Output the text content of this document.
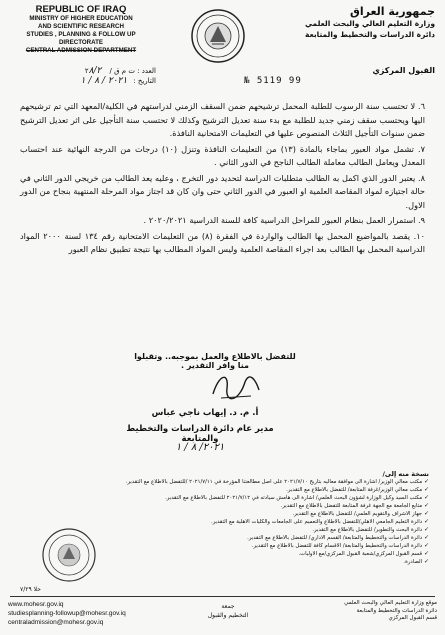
REPUBLIC OF IRAQ
MINISTRY OF HIGHER EDUCATION
AND SCIENTIFIC RESEARCH
STUDIES , PLANNING & FOLLOW UP DIRECTORATE
CENTRAL ADMISSION DEPARTMENT
جمهورية العراق
وزارة التعليم العالي والبحث العلمي
دائرة الدراسات والتخطيط والمتابعة
العدد : ت م ق / ٢٨/٢
التاريخ :٢٠٢١ / ٨ / ١
القبول المركزي
№ 5119 99

٦. لا تحتسب سنة الرسوب للطلبة المحمل ترشيحهم ضمن السقف الزمني لدراستهم في الكلية/المعهد التي تم ترشيحهم اليها ويحتسب سقف زمني جديد للطلبة مع بدء سنة تعديل الترشيح وكذلك لا تحتسب سنة التأجيل على اثر تعديل الترشيح ضمن سنوات التأجيل الثلاث المنصوص عليها في التعليمات الامتحانية النافذة.

٧. تشمل مواد العبور بماجاء بالمادة (١٣) من التعليمات النافذة وتنزل (١٠) درجات من الدرجة النهائية عند احتساب المعدل ويعامل الطالب معاملة الطالب الناجح في الدور الثاني .

٨. يعتبر الدور الذي اكمل به الطالب متطلبات الدراسة لتحديد دور التخرج ، وعليه يعد الطالب من خريجي الدور الثاني في حالة اجتيازه لمواد المقاصة العلمية او العبور في الدور الثاني حتى وان كان قد اجتاز مواد المرحلة المنتهية بنجاح من الدور الاول.

٩. استمرار العمل بنظام العبور للمراحل الدراسية كافة للسنة الدراسية ٢٠٢٠/٢٠٢١ .

١٠. يقصد بالمواضيع المحمل بها الطالب والواردة في الفقرة (٨) من التعليمات الامتحانية رقم ١٣٤ لسنة ٢٠٠٠ المواد الدراسية المحمل بها الطالب بعد اجراء المقاصة العلمية وليس المواد المطالب بها نتيجة تطبيق نظام العبور

للتفضل بالاطلاع والعمل بموجبه.. وتقبلوا منا وافر التقدير .
أ. م. د. إيهاب ناجي عباس
مدير عام دائرة الدراسات والتخطيط والمتابعة
٢٠٢١/ ٨ / ١
نسخة منه إلى/
✓ مكتب معالي الوزير/ اشارة الى موافقة معاليه بتاريخ ٢٠٢١/٧/١٠ على اصل مطالعتنا المؤرخة في ٢٠٢١/٧/١١ /للتفضل بالاطلاع مع التقدير.
✓ مكتب معالي الوزير/غرفة المتابعة/ للتفضل بالاطلاع مع التقدير.
✓ مكتب السيد وكيل الوزارة لشؤون البحث العلمي/ اشارة الى هامش سيادته في ٢٠٢١/٧/١٢ للتفضل بالاطلاع مع التقدير.
✓ متابع الجامعة مع الجهة غرفة المتابعة للتفضل بالاطلاع مع التقدير.
✓ جهاز الاشراف والتقويم العلمي/ للتفضل بالاطلاع مع التقدير.
✓ دائرة التعليم الجامعي الاهلي/للتفضل بالاطلاع والتعميم على الجامعات والكليات الاهلية مع التقدير.
✓ دائرة البحث والتطوير/ للتفضل بالاطلاع مع التقدير.
✓ دائرة الدراسات والتخطيط والمتابعة/ القسم الاداري/ للتفضل بالاطلاع مع التقدير.
✓ دائرة الدراسات والتخطيط والمتابعة/ الاقسام كافة للتفضل بالاطلاع مع التقدير.
✓ قسم القبول المركزي/شعبة القبول المركزي/مع الاوليات.
✓ الصادرة.
حلا ٧/٢٩
www.mohesr.gov.iq
studiesplanning-followup@mohesr.gov.iq
centraladmission@mohesr.gov.iq
جمعة
التخطيم والقبول
موقع وزارة التعليم العالي والبحث العلمي
دائرة الدراسات والتخطيط والمتابعة
قسم القبول المركزي
